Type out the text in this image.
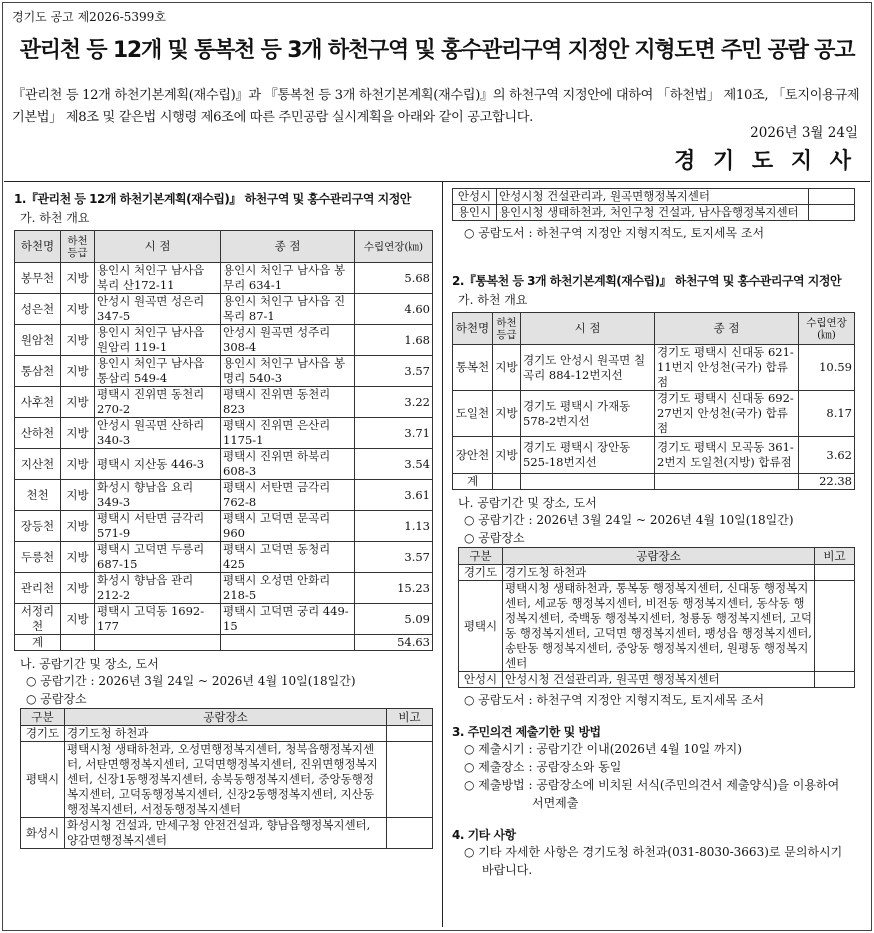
경기도 공고 제2026-5399호
관리천 등 12개 및 통복천 등 3개 하천구역 및 홍수관리구역 지정안 지형도면 주민 공람 공고
『관리천 등 12개 하천기본계획(재수립)』과 『통복천 등 3개 하천기본계획(재수립)』의 하천구역 지정안에 대하여 「하천법」 제10조, 「토지이용규제기본법」 제8조 및 같은법 시행령 제6조에 따른 주민공람 실시계획을 아래와 같이 공고합니다.
2026년 3월 24일
경 기 도 지 사
1.『관리천 등 12개 하천기본계획(재수립)』 하천구역 및 홍수관리구역 지정안
가. 하천 개요
하천명	하천등급	시 점	종 점	수립연장(㎞)
봉무천	지방	용인시 처인구 남사읍 북리 산172-11	용인시 처인구 남사읍 봉무리 634-1	5.68
성은천	지방	안성시 원곡면 성은리 347-5	용인시 처인구 남사읍 진목리 87-1	4.60
원암천	지방	용인시 처인구 남사읍 원암리 119-1	안성시 원곡면 성주리 308-4	1.68
통삼천	지방	용인시 처인구 남사읍 통삼리 549-4	용인시 처인구 남사읍 봉명리 540-3	3.57
사후천	지방	평택시 진위면 동천리 270-2	평택시 진위면 동천리 823	3.22
산하천	지방	안성시 원곡면 산하리 340-3	평택시 진위면 은산리 1175-1	3.71
지산천	지방	평택시 지산동 446-3	평택시 진위면 하북리 608-3	3.54
천천	지방	화성시 향남읍 요리 349-3	평택시 서탄면 금각리 762-8	3.61
장등천	지방	평택시 서탄면 금각리 571-9	평택시 고덕면 문곡리 960	1.13
두릉천	지방	평택시 고덕면 두릉리 687-15	평택시 고덕면 동청리 425	3.57
관리천	지방	화성시 향남읍 관리 212-2	평택시 오성면 안화리 218-5	15.23
서정리천	지방	평택시 고덕동 1692-177	평택시 고덕면 궁리 449-15	5.09
계				54.63
나. 공람기간 및 장소, 도서
○ 공람기간 : 2026년 3월 24일 ~ 2026년 4월 10일(18일간)
○ 공람장소
구분	공람장소	비고
경기도	경기도청 하천과	
평택시	평택시청 생태하천과, 오성면행정복지센터, 청북읍행정복지센터, 서탄면행정복지센터, 고덕면행정복지센터, 진위면행정복지센터, 신장1동행정복지센터, 송북동행정복지센터, 중앙동행정복지센터, 고덕동행정복지센터, 신장2동행정복지센터, 지산동행정복지센터, 서정동행정복지센터	
화성시	화성시청 건설과, 만세구청 안전건설과, 향남읍행정복지센터, 양감면행정복지센터	
안성시	안성시청 건설관리과, 원곡면행정복지센터	
용인시	용인시청 생태하천과, 처인구청 건설과, 남사읍행정복지센터	
○ 공람도서 : 하천구역 지정안 지형지적도, 토지세목 조서
2.『통복천 등 3개 하천기본계획(재수립)』 하천구역 및 홍수관리구역 지정안
가. 하천 개요
하천명	하천등급	시 점	종 점	수립연장(㎞)
통복천	지방	경기도 안성시 원곡면 칠곡리 884-12번지선	경기도 평택시 신대동 621-11번지 안성천(국가) 합류점	10.59
도일천	지방	경기도 평택시 가재동 578-2번지선	경기도 평택시 신대동 692-27번지 안성천(국가) 합류점	8.17
장안천	지방	경기도 평택시 장안동 525-18번지선	경기도 평택시 모곡동 361-2번지 도일천(지방) 합류점	3.62
계				22.38
나. 공람기간 및 장소, 도서
○ 공람기간 : 2026년 3월 24일 ~ 2026년 4월 10일(18일간)
○ 공람장소
구분	공람장소	비고
경기도	경기도청 하천과	
평택시	평택시청 생태하천과, 통복동 행정복지센터, 신대동 행정복지센터, 세교동 행정복지센터, 비전동 행정복지센터, 동삭동 행정복지센터, 죽백동 행정복지센터, 청룡동 행정복지센터, 고덕동 행정복지센터, 고덕면 행정복지센터, 팽성읍 행정복지센터, 송탄동 행정복지센터, 중앙동 행정복지센터, 원평동 행정복지센터	
안성시	안성시청 건설관리과, 원곡면 행정복지센터	
○ 공람도서 : 하천구역 지정안 지형지적도, 토지세목 조서
3. 주민의견 제출기한 및 방법
○ 제출시기 : 공람기간 이내(2026년 4월 10일 까지)
○ 제출장소 : 공람장소와 동일
○ 제출방법 : 공람장소에 비치된 서식(주민의견서 제출양식)을 이용하여
서면제출
4. 기타 사항
○ 기타 자세한 사항은 경기도청 하천과(031-8030-3663)로 문의하시기
바랍니다.
